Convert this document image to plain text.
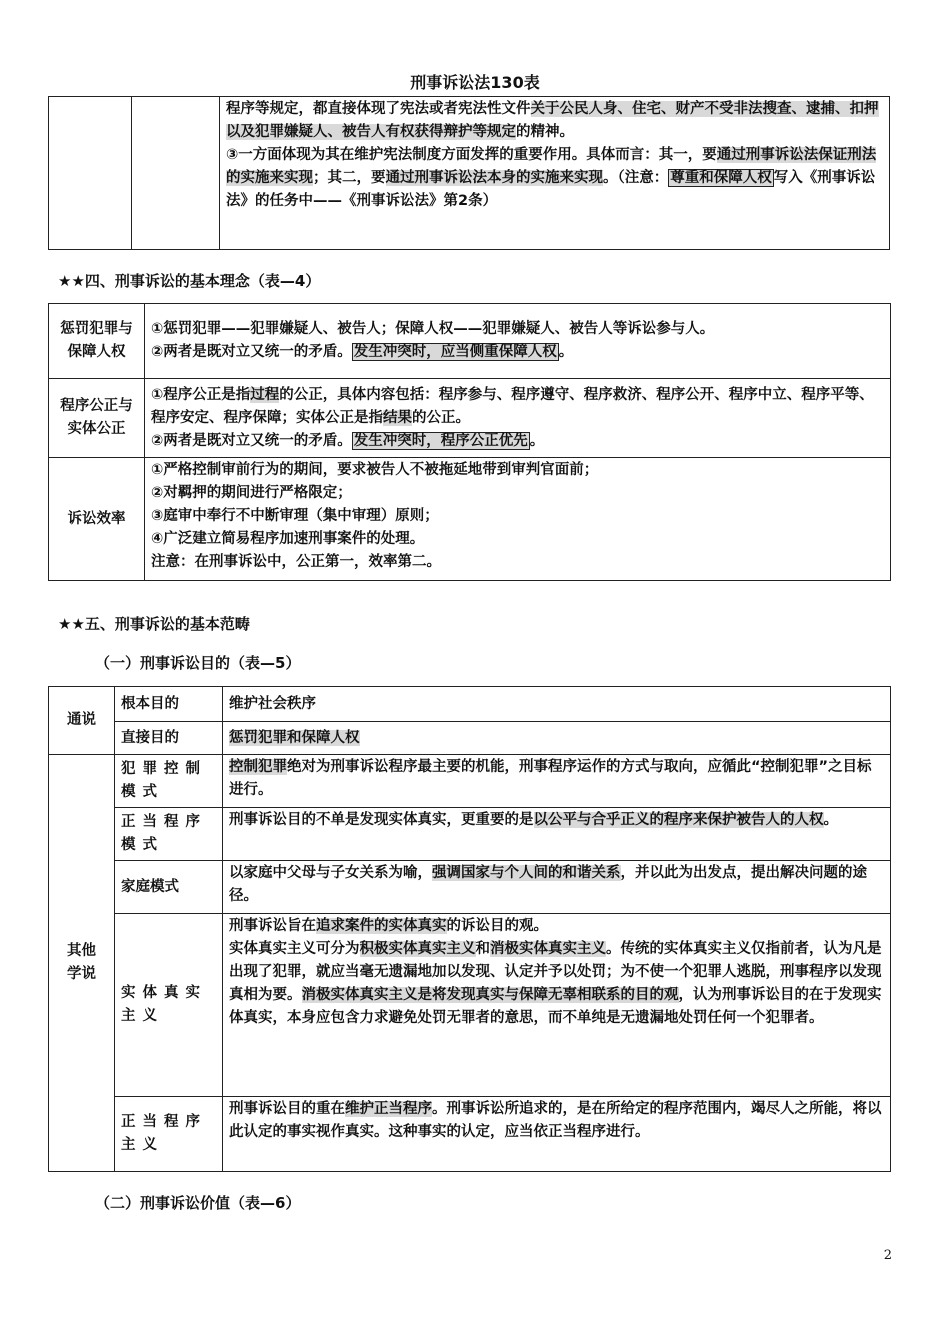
刑事诉讼法130表
		程序等规定，都直接体现了宪法或者宪法性文件关于公民人身、住宅、财产不受非法搜查、逮捕、扣押以及犯罪嫌疑人、被告人有权获得辩护等规定的精神。
③一方面体现为其在维护宪法制度方面发挥的重要作用。具体而言：其一，要通过刑事诉讼法保证刑法的实施来实现；其二，要通过刑事诉讼法本身的实施来实现。（注意： 尊重和保障人权 写入《刑事诉讼法》的任务中——《刑事诉讼法》第2条）
★★四、刑事诉讼的基本理念（表—4）
惩罚犯罪与保障人权	①惩罚犯罪——犯罪嫌疑人、被告人；保障人权——犯罪嫌疑人、被告人等诉讼参与人。

②两者是既对立又统一的矛盾。 发生冲突时，应当侧重保障人权 。

程序公正与实体公正	①程序公正是指过程的公正，具体内容包括：程序参与、程序遵守、程序救济、程序公开、程序中立、程序平等、程序安定、程序保障；实体公正是指结果的公正。

②两者是既对立又统一的矛盾。 发生冲突时，程序公正优先 。

诉讼效率	①严格控制审前行为的期间，要求被告人不被拖延地带到审判官面前；

②对羁押的期间进行严格限定；

③庭审中奉行不中断审理（集中审理）原则；

④广泛建立简易程序加速刑事案件的处理。

注意：在刑事诉讼中，公正第一，效率第二。

★★五、刑事诉讼的基本范畴
（一）刑事诉讼目的（表—5）
通说	根本目的	维护社会秩序
	直接目的	惩罚犯罪和保障人权
其他学说	犯罪控制模式	控制犯罪绝对为刑事诉讼程序最主要的机能，刑事程序运作的方式与取向，应循此“控制犯罪”之目标进行。
	正当程序模式	刑事诉讼目的不单是发现实体真实，更重要的是以公平与合乎正义的程序来保护被告人的人权。
	家庭模式	以家庭中父母与子女关系为喻，强调国家与个人间的和谐关系，并以此为出发点，提出解决问题的途径。
	实体真实主义	刑事诉讼旨在追求案件的实体真实的诉讼目的观。

实体真实主义可分为积极实体真实主义和消极实体真实主义。传统的实体真实主义仅指前者，认为凡是出现了犯罪，就应当毫无遗漏地加以发现、认定并予以处罚；为不使一个犯罪人逃脱，刑事程序以发现真相为要。消极实体真实主义是将发现真实与保障无辜相联系的目的观，认为刑事诉讼目的在于发现实体真实，本身应包含力求避免处罚无罪者的意思，而不单纯是无遗漏地处罚任何一个犯罪者。

	正当程序主义	刑事诉讼目的重在维护正当程序。刑事诉讼所追求的，是在所给定的程序范围内，竭尽人之所能，将以此认定的事实视作真实。这种事实的认定，应当依正当程序进行。
（二）刑事诉讼价值（表—6）
2
